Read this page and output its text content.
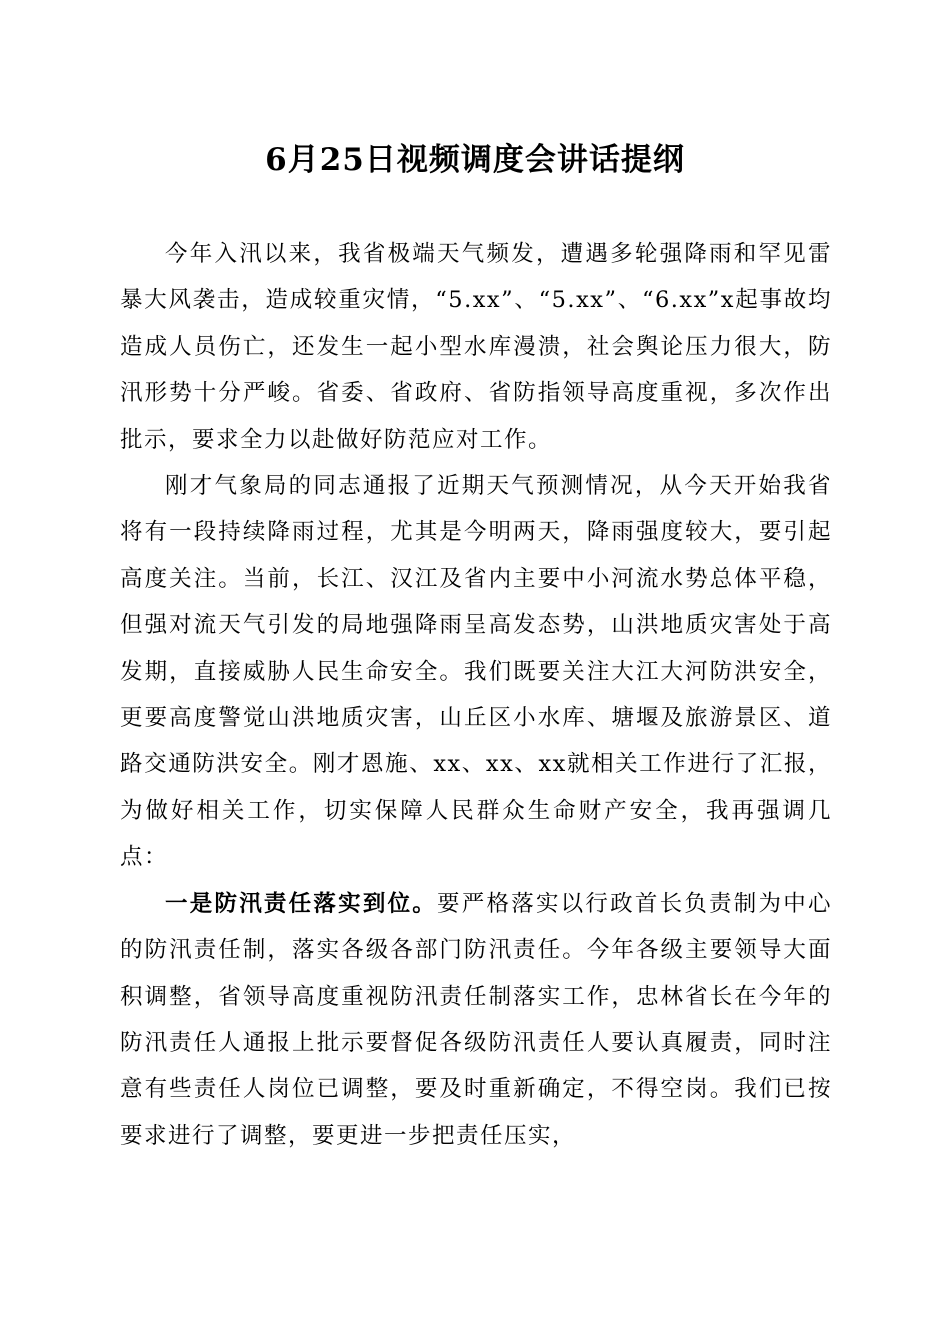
6月25日视频调度会讲话提纲

今年入汛以来，我省极端天气频发，遭遇多轮强降雨和罕见雷暴大风袭击，造成较重灾情，“5.xx”、“5.xx”、“6.xx”x起事故均造成人员伤亡，还发生一起小型水库漫溃，社会舆论压力很大，防汛形势十分严峻。省委、省政府、省防指领导高度重视，多次作出批示，要求全力以赴做好防范应对工作。

刚才气象局的同志通报了近期天气预测情况，从今天开始我省将有一段持续降雨过程，尤其是今明两天，降雨强度较大，要引起高度关注。当前，长江、汉江及省内主要中小河流水势总体平稳，但强对流天气引发的局地强降雨呈高发态势，山洪地质灾害处于高发期，直接威胁人民生命安全。我们既要关注大江大河防洪安全，更要高度警觉山洪地质灾害，山丘区小水库、塘堰及旅游景区、道路交通防洪安全。刚才恩施、xx、xx、xx就相关工作进行了汇报，为做好相关工作，切实保障人民群众生命财产安全，我再强调几点：

一是防汛责任落实到位。要严格落实以行政首长负责制为中心的防汛责任制，落实各级各部门防汛责任。今年各级主要领导大面积调整，省领导高度重视防汛责任制落实工作，忠林省长在今年的防汛责任人通报上批示要督促各级防汛责任人要认真履责，同时注意有些责任人岗位已调整，要及时重新确定，不得空岗。我们已按要求进行了调整，要更进一步把责任压实，
